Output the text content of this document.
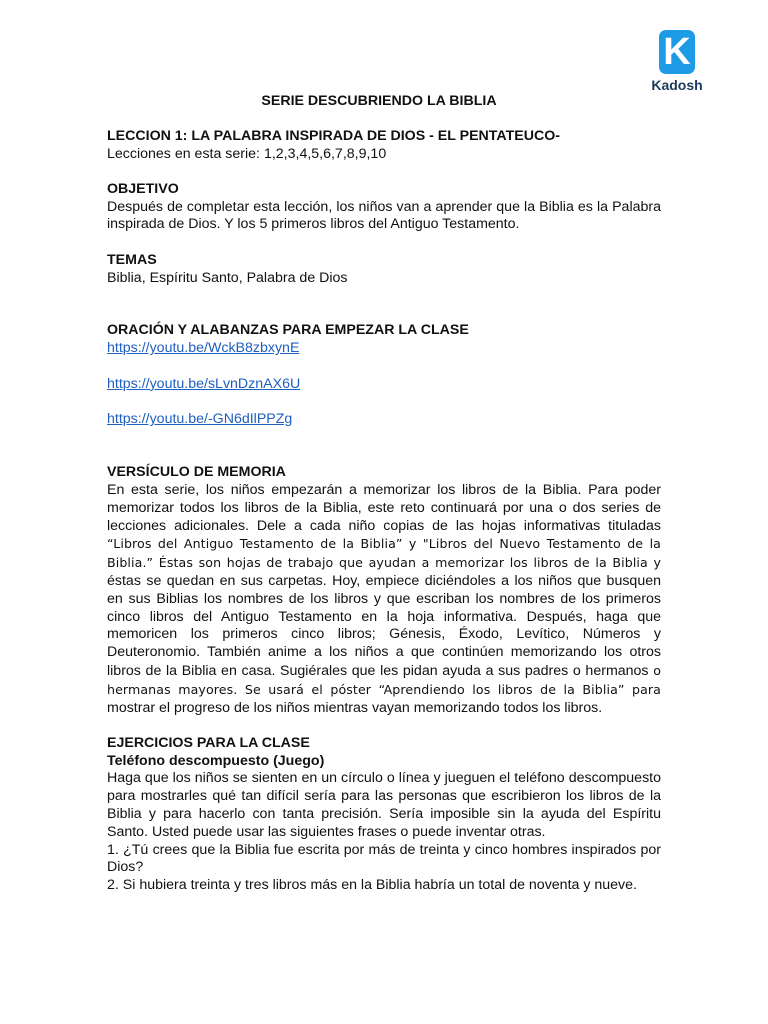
K
Kadosh
SERIE DESCUBRIENDO LA BIBLIA
LECCION 1: LA PALABRA INSPIRADA DE DIOS - EL PENTATEUCO-
Lecciones en esta serie: 1,2,3,4,5,6,7,8,9,10
OBJETIVO

Después de completar esta lección, los niños van a aprender que la Biblia es la Palabra inspirada de Dios. Y los 5 primeros libros del Antiguo Testamento.

TEMAS
Biblia, Espíritu Santo, Palabra de Dios
ORACIÓN Y ALABANZAS PARA EMPEZAR LA CLASE
https://youtu.be/WckB8zbxynE
https://youtu.be/sLvnDznAX6U
https://youtu.be/-GN6dIlPPZg
VERSÍCULO DE MEMORIA

En esta serie, los niños empezarán a memorizar los libros de la Biblia. Para poder memorizar todos los libros de la Biblia, este reto continuará por una o dos series de lecciones adicionales. Dele a cada niño copias de las hojas informativas tituladas “Libros del Antiguo Testamento de la Biblia” y "Libros del Nuevo Testamento de la Biblia.” Éstas son hojas de trabajo que ayudan a memorizar los libros de la Biblia y éstas se quedan en sus carpetas. Hoy, empiece diciéndoles a los niños que busquen en sus Biblias los nombres de los libros y que escriban los nombres de los primeros cinco libros del Antiguo Testamento en la hoja informativa. Después, haga que memoricen los primeros cinco libros; Génesis, Éxodo, Levítico, Números y Deuteronomio. También anime a los niños a que continúen memorizando los otros libros de la Biblia en casa. Sugiérales que les pidan ayuda a sus padres o hermanos o hermanas mayores. Se usará el póster “Aprendiendo los libros de la Biblia” para mostrar el progreso de los niños mientras vayan memorizando todos los libros.

EJERCICIOS PARA LA CLASE
Teléfono descompuesto (Juego)

Haga que los niños se sienten en un círculo o línea y jueguen el teléfono descompuesto para mostrarles qué tan difícil sería para las personas que escribieron los libros de la Biblia y para hacerlo con tanta precisión. Sería imposible sin la ayuda del Espíritu Santo. Usted puede usar las siguientes frases o puede inventar otras.

1. ¿Tú crees que la Biblia fue escrita por más de treinta y cinco hombres inspirados por Dios?

2. Si hubiera treinta y tres libros más en la Biblia habría un total de noventa y nueve.
